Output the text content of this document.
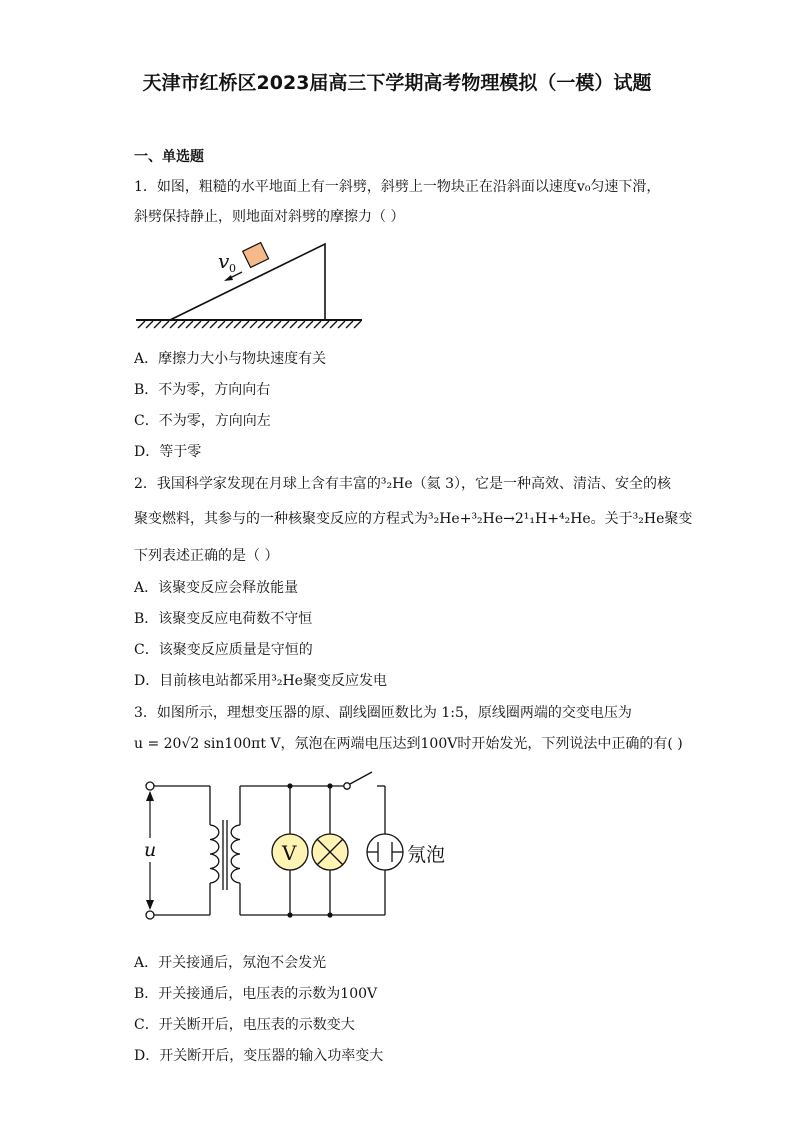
天津市红桥区2023届高三下学期高考物理模拟（一模）试题
一、单选题
1．如图，粗糙的水平地面上有一斜劈，斜劈上一物块正在沿斜面以速度v₀匀速下滑，
斜劈保持静止，则地面对斜劈的摩擦力（ ）
v 0
A．摩擦力大小与物块速度有关
B．不为零，方向向右
C．不为零，方向向左
D．等于零
2．我国科学家发现在月球上含有丰富的³₂He（氦 3），它是一种高效、清洁、安全的核
聚变燃料，其参与的一种核聚变反应的方程式为³₂He+³₂He→2¹₁H+⁴₂He。关于³₂He聚变
下列表述正确的是（ ）
A．该聚变反应会释放能量
B．该聚变反应电荷数不守恒
C．该聚变反应质量是守恒的
D．目前核电站都采用³₂He聚变反应发电
3．如图所示，理想变压器的原、副线圈匝数比为 1:5，原线圈两端的交变电压为
u = 20√2 sin100πt V，氖泡在两端电压达到100V时开始发光，下列说法中正确的有( )
u	V	氖泡
A．开关接通后，氖泡不会发光
B．开关接通后，电压表的示数为100V
C．开关断开后，电压表的示数变大
D．开关断开后，变压器的输入功率变大
